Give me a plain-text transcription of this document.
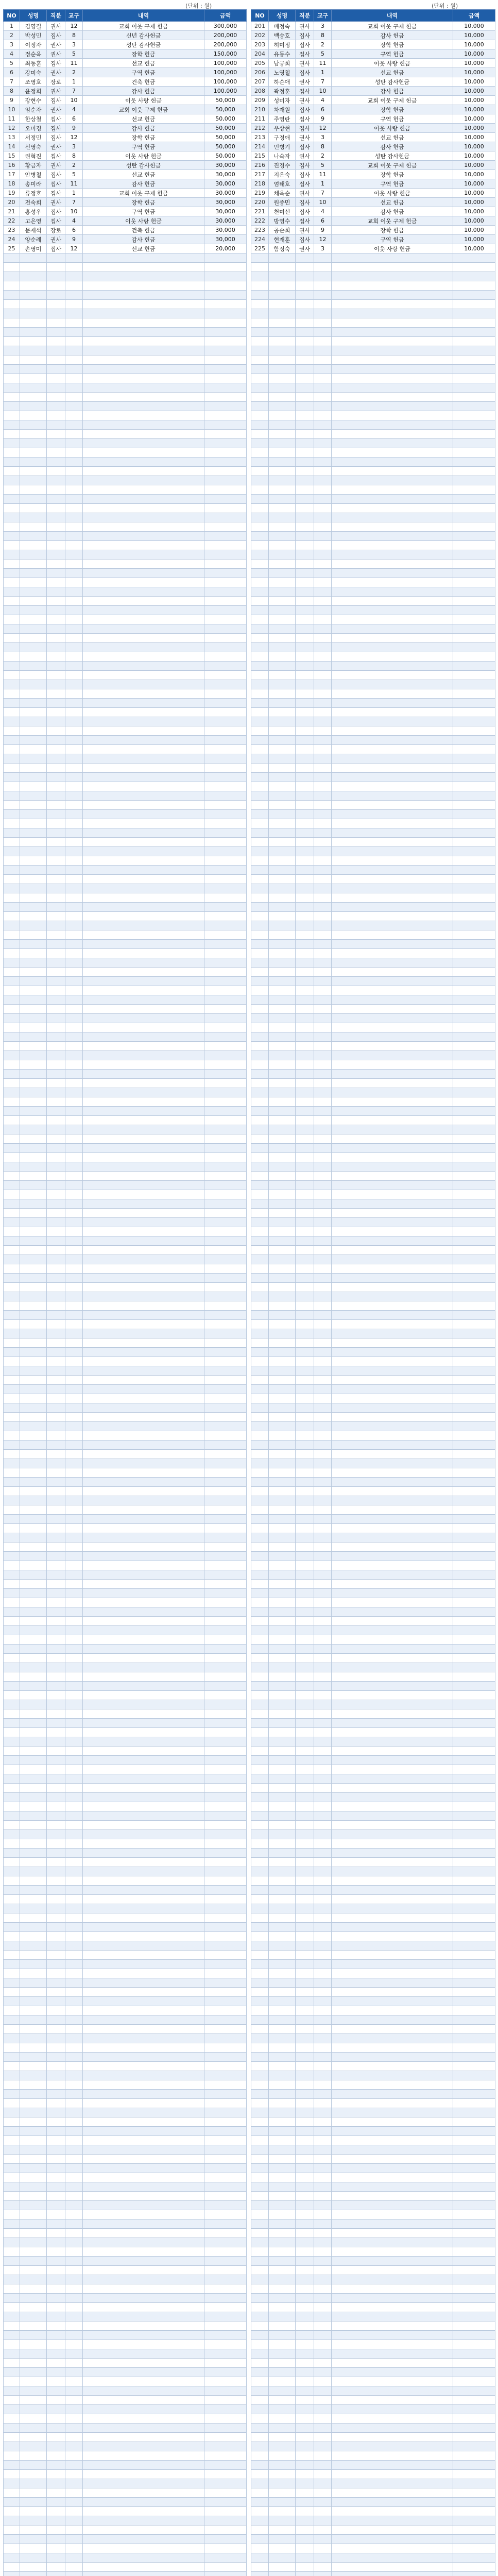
(단위 : 원)	(단위 : 원)
NO	성명	직분	교구	내역	금액
1	김영길	권사	12	교회 이웃 구제 헌금	300,000
2	박성민	집사	8	신년 감사헌금	200,000
3	이정자	권사	3	성탄 감사헌금	200,000
4	정순옥	권사	5	장학 헌금	150,000
5	최동훈	집사	11	선교 헌금	100,000
6	강미숙	권사	2	구역 헌금	100,000
7	조영호	장로	1	건축 헌금	100,000
8	윤정희	권사	7	감사 헌금	100,000
9	장현수	집사	10	이웃 사랑 헌금	50,000
10	임순자	권사	4	교회 이웃 구제 헌금	50,000
11	한상철	집사	6	선교 헌금	50,000
12	오미경	집사	9	감사 헌금	50,000
13	서정민	집사	12	장학 헌금	50,000
14	신영숙	권사	3	구역 헌금	50,000
15	권혁진	집사	8	이웃 사랑 헌금	50,000
16	황금자	권사	2	성탄 감사헌금	30,000
17	안병철	집사	5	선교 헌금	30,000
18	송미라	집사	11	감사 헌금	30,000
19	류정호	집사	1	교회 이웃 구제 헌금	30,000
20	전숙희	권사	7	장학 헌금	30,000
21	홍성우	집사	10	구역 헌금	30,000
22	고은영	집사	4	이웃 사랑 헌금	30,000
23	문재석	장로	6	건축 헌금	30,000
24	양순례	권사	9	감사 헌금	30,000
25	손영미	집사	12	선교 헌금	20,000

NO	성명	직분	교구	내역	금액
201	배정숙	권사	3	교회 이웃 구제 헌금	10,000
202	백승호	집사	8	감사 헌금	10,000
203	허미정	집사	2	장학 헌금	10,000
204	유동수	집사	5	구역 헌금	10,000
205	남궁희	권사	11	이웃 사랑 헌금	10,000
206	노영철	집사	1	선교 헌금	10,000
207	하순애	권사	7	성탄 감사헌금	10,000
208	곽정훈	집사	10	감사 헌금	10,000
209	성미자	권사	4	교회 이웃 구제 헌금	10,000
210	차재원	집사	6	장학 헌금	10,000
211	주영란	집사	9	구역 헌금	10,000
212	우상현	집사	12	이웃 사랑 헌금	10,000
213	구정애	권사	3	선교 헌금	10,000
214	민병기	집사	8	감사 헌금	10,000
215	나숙자	권사	2	성탄 감사헌금	10,000
216	진경수	집사	5	교회 이웃 구제 헌금	10,000
217	지은숙	집사	11	장학 헌금	10,000
218	엄태호	집사	1	구역 헌금	10,000
219	채옥순	권사	7	이웃 사랑 헌금	10,000
220	원종민	집사	10	선교 헌금	10,000
221	천미선	집사	4	감사 헌금	10,000
222	방영수	집사	6	교회 이웃 구제 헌금	10,000
223	공순희	권사	9	장학 헌금	10,000
224	현재훈	집사	12	구역 헌금	10,000
225	함정숙	권사	3	이웃 사랑 헌금	10,000
